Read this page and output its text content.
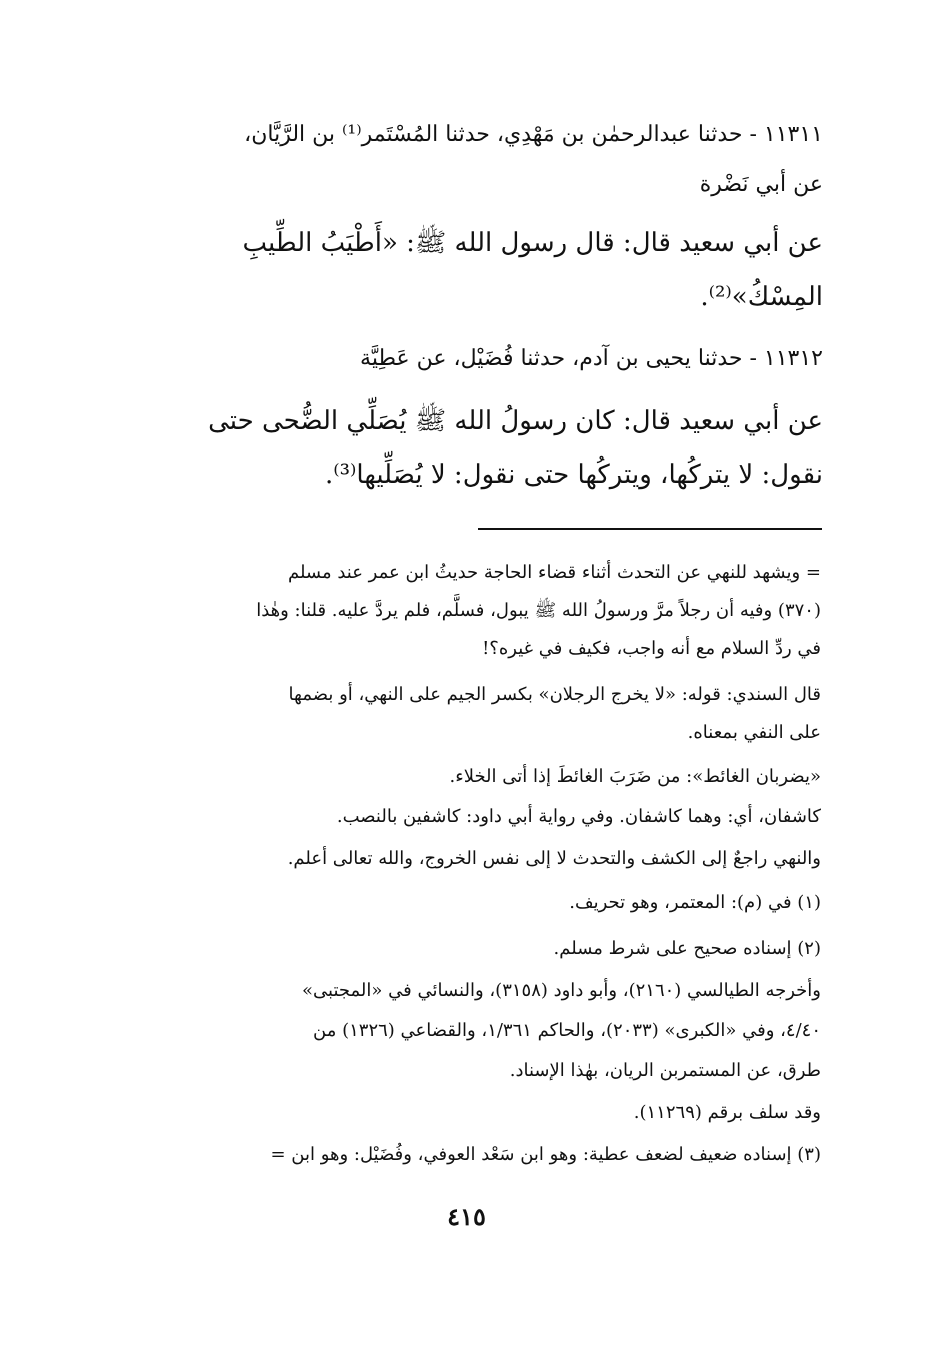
١١٣١١ - حدثنا عبدالرحمٰن بن مَهْدِي، حدثنا المُسْتَمر⁽¹⁾ بن الرَّيَّان،

عن أبي نَضْرة

عن أبي سعيد قال: قال رسول الله ﷺ: «أَطْيَبُ الطِّيبِ

المِسْكُ»⁽²⁾.

١١٣١٢ - حدثنا يحيى بن آدم، حدثنا فُضَيْل، عن عَطِيَّة

عن أبي سعيد قال: كان رسولُ الله ﷺ يُصَلِّي الضُّحى حتى

نقول: لا يتركُها، ويتركُها حتى نقول: لا يُصَلِّيها⁽³⁾.

= ويشهد للنهي عن التحدث أثناء قضاء الحاجة حديثُ ابن عمر عند مسلم

(٣٧٠) وفيه أن رجلاً مرَّ ورسولُ الله ﷺ يبول، فسلَّم، فلم يردَّ عليه. قلنا: وهٰذا

في ردِّ السلام مع أنه واجب، فكيف في غيره؟!

قال السندي: قوله: «لا يخرج الرجلان» بكسر الجيم على النهي، أو بضمها

على النفي بمعناه.

«يضربان الغائط»: من ضَرَبَ الغائطَ إذا أتى الخلاء.

كاشفان، أي: وهما كاشفان. وفي رواية أبي داود: كاشفين بالنصب.

والنهي راجعٌ إلى الكشف والتحدث لا إلى نفس الخروج، والله تعالى أعلم.

(١) في (م): المعتمر، وهو تحريف.

(٢) إسناده صحيح على شرط مسلم.

وأخرجه الطيالسي (٢١٦٠)، وأبو داود (٣١٥٨)، والنسائي في «المجتبى»

٤/٤٠، وفي «الكبرى» (٢٠٣٣)، والحاكم ١/٣٦١، والقضاعي (١٣٢٦) من

طرق، عن المستمربن الريان، بهٰذا الإسناد.

وقد سلف برقم (١١٢٦٩).

(٣) إسناده ضعيف لضعف عطية: وهو ابن سَعْد العوفي، وفُضَيْل: وهو ابن =

٤١٥
